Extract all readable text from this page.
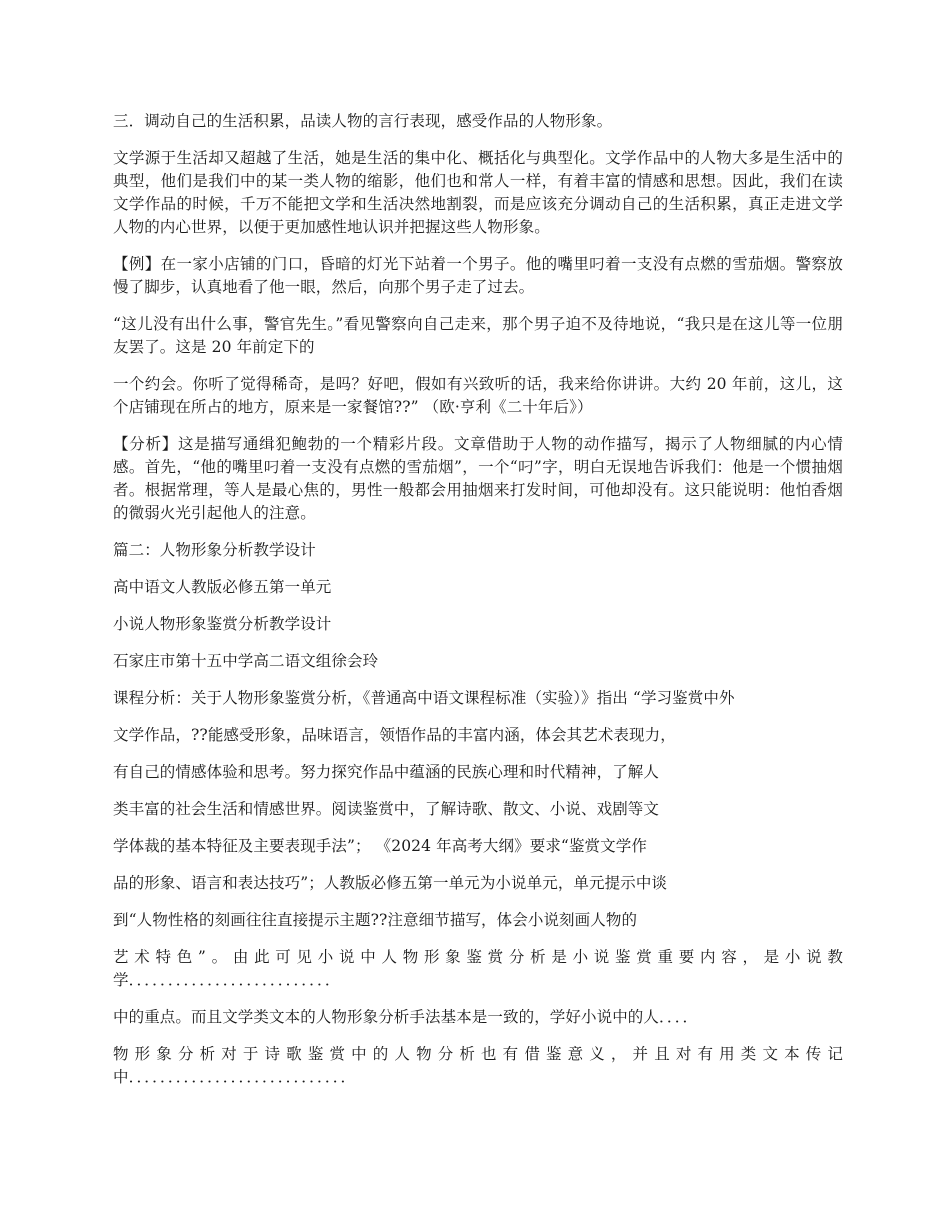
三．调动自己的生活积累，品读人物的言行表现，感受作品的人物形象。

文学源于生活却又超越了生活，她是生活的集中化、概括化与典型化。文学作品中的人物大多是生活中的典型，他们是我们中的某一类人物的缩影，他们也和常人一样，有着丰富的情感和思想。因此，我们在读文学作品的时候，千万不能把文学和生活决然地割裂，而是应该充分调动自己的生活积累，真正走进文学人物的内心世界，以便于更加感性地认识并把握这些人物形象。

【例】在一家小店铺的门口，昏暗的灯光下站着一个男子。他的嘴里叼着一支没有点燃的雪茄烟。警察放慢了脚步，认真地看了他一眼，然后，向那个男子走了过去。

“这儿没有出什么事，警官先生。”看见警察向自己走来，那个男子迫不及待地说，“我只是在这儿等一位朋友罢了。这是 20 年前定下的

一个约会。你听了觉得稀奇，是吗？好吧，假如有兴致听的话，我来给你讲讲。大约 20 年前，这儿，这个店铺现在所占的地方，原来是一家餐馆??” （欧·亨利《二十年后》）

【分析】这是描写通缉犯鲍勃的一个精彩片段。文章借助于人物的动作描写，揭示了人物细腻的内心情感。首先，“他的嘴里叼着一支没有点燃的雪茄烟”，一个“叼”字，明白无误地告诉我们：他是一个惯抽烟者。根据常理，等人是最心焦的，男性一般都会用抽烟来打发时间，可他却没有。这只能说明：他怕香烟的微弱火光引起他人的注意。

篇二：人物形象分析教学设计

高中语文人教版必修五第一单元

小说人物形象鉴赏分析教学设计

石家庄市第十五中学高二语文组徐会玲

课程分析：关于人物形象鉴赏分析，《普通高中语文课程标准（实验）》指出 “学习鉴赏中外

文学作品，??能感受形象，品味语言，领悟作品的丰富内涵，体会其艺术表现力，

有自己的情感体验和思考。努力探究作品中蕴涵的民族心理和时代精神，了解人

类丰富的社会生活和情感世界。阅读鉴赏中，了解诗歌、散文、小说、戏剧等文

学体裁的基本特征及主要表现手法”； 《2024 年高考大纲》要求“鉴赏文学作

品的形象、语言和表达技巧”；人教版必修五第一单元为小说单元，单元提示中谈

到“人物性格的刻画往往直接提示主题??注意细节描写，体会小说刻画人物的

艺术特色”。由此可见小说中人物形象鉴赏分析是小说鉴赏重要内容，是小说教学．．．．．．．．．．．．．．．．．．．．．．．．．．

中的重点。而且文学类文本的人物形象分析手法基本是一致的，学好小说中的人．．．．

物形象分析对于诗歌鉴赏中的人物分析也有借鉴意义，并且对有用类文本传记中．．．．．．．．．．．．．．．．．．．．．．．．．．．．
